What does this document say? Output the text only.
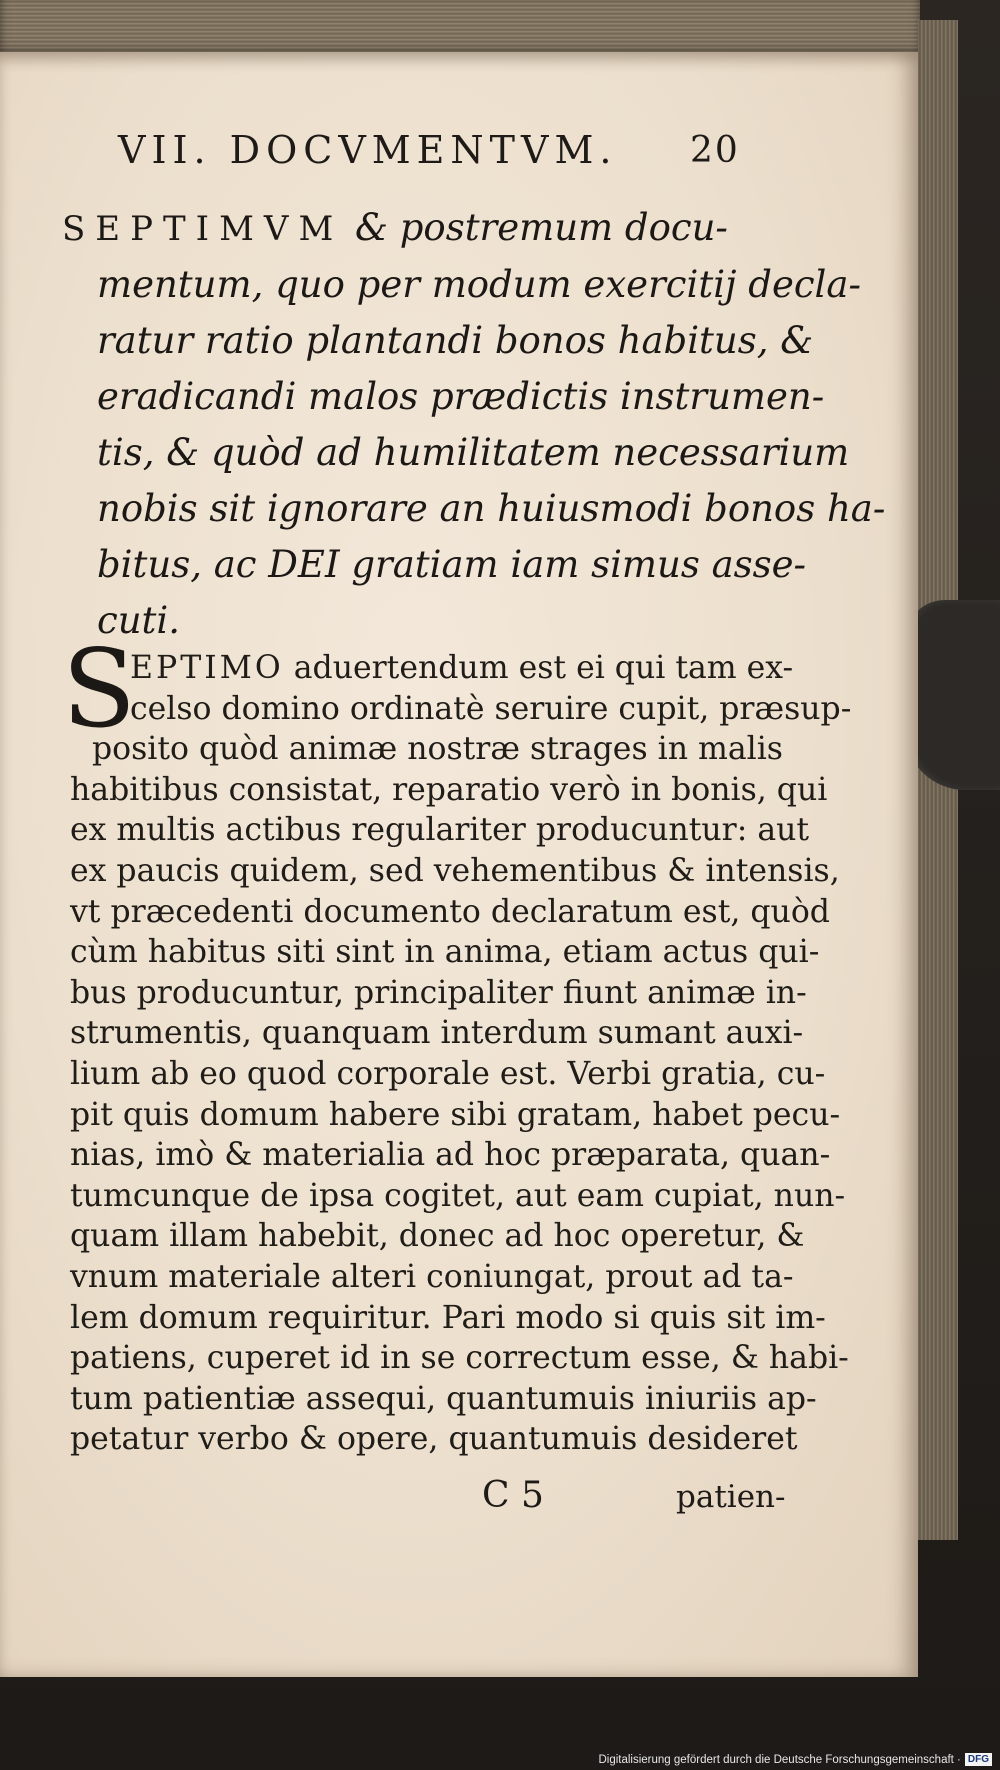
VII. DOCVMENTVM.	20
SEPTIMVM & postremum docu-
mentum, quo per modum exercitij decla-
ratur ratio plantandi bonos habitus, &
eradicandi malos prædictis instrumen-
tis, & quòd ad humilitatem necessarium
nobis sit ignorare an huiusmodi bonos ha-
bitus, ac DEI gratiam iam simus asse-
cuti.
S
EPTIMO aduertendum est ei qui tam ex-
celso domino ordinatè seruire cupit, præsup-
posito quòd animæ nostræ strages in malis
habitibus consistat, reparatio verò in bonis, qui
ex multis actibus regulariter producuntur: aut
ex paucis quidem, sed vehementibus & intensis,
vt præcedenti documento declaratum est, quòd
cùm habitus siti sint in anima, etiam actus qui-
bus producuntur, principaliter fiunt animæ in-
strumentis, quanquam interdum sumant auxi-
lium ab eo quod corporale est. Verbi gratia, cu-
pit quis domum habere sibi gratam, habet pecu-
nias, imò & materialia ad hoc præparata, quan-
tumcunque de ipsa cogitet, aut eam cupiat, nun-
quam illam habebit, donec ad hoc operetur, &
vnum materiale alteri coniungat, prout ad ta-
lem domum requiritur. Pari modo si quis sit im-
patiens, cuperet id in se correctum esse, & habi-
tum patientiæ assequi, quantumuis iniuriis ap-
petatur verbo & opere, quantumuis desideret
C 5	patien-
Digitalisierung gefördert durch die Deutsche Forschungsgemeinschaft · DFG
